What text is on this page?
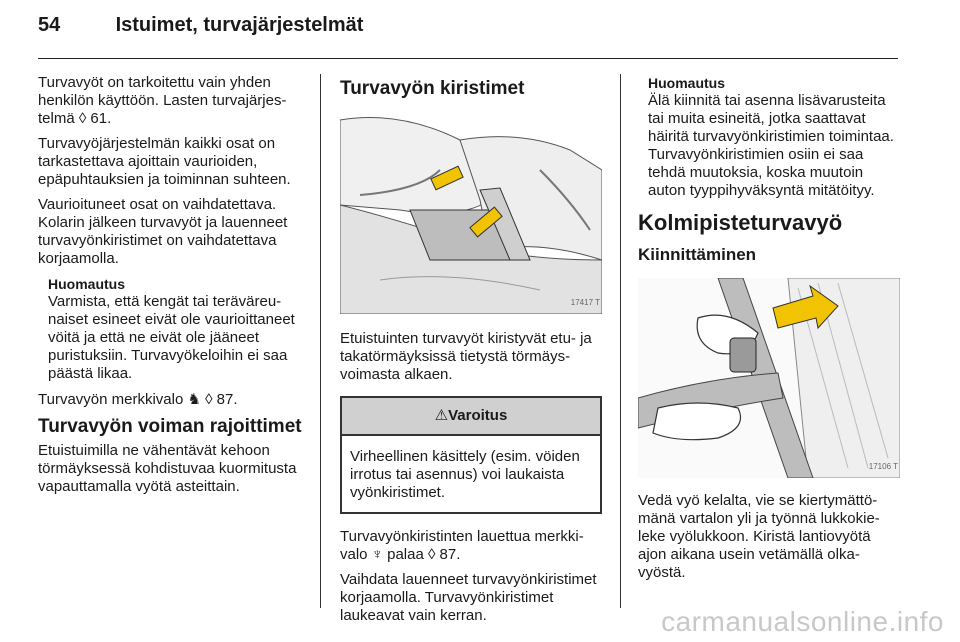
54	Istuimet, turvajärjestelmät

Turvavyöt on tarkoitettu vain yhden henkilön käyttöön. Lasten turvajärjestelmä ◊ 61.

Turvavyöjärjestelmän kaikki osat on tarkastettava ajoittain vaurioiden, epäpuhtauksien ja toiminnan suhteen.

Vaurioituneet osat on vaihdatettava. Kolarin jälkeen turvavyöt ja lauenneet turvavyönkiristimet on vaihdatettava korjaamolla.

Huomautus
Varmista, että kengät tai teräväreunaiset esineet eivät ole vaurioittaneet vöitä ja että ne eivät ole jääneet puristuksiin. Turvavyökeloihin ei saa päästä likaa.

Turvavyön merkkivalo ♞ ◊ 87.

Turvavyön voiman rajoittimet

Etuistuimilla ne vähentävät kehoon törmäyksessä kohdistuvaa kuormitusta vapauttamalla vyötä asteittain.

Turvavyön kiristimet
17417 T

Etuistuinten turvavyöt kiristyvät etu- ja takatörmäyksissä tietystä törmäysvoimasta alkaen.

⚠Varoitus
Virheellinen käsittely (esim. vöiden irrotus tai asennus) voi laukaista vyönkiristimet.

Turvavyönkiristinten lauettua merkkivalo ♆ palaa ◊ 87.

Vaihdata lauenneet turvavyönkiristimet korjaamolla. Turvavyönkiristimet laukeavat vain kerran.

Huomautus
Älä kiinnitä tai asenna lisävarusteita tai muita esineitä, jotka saattavat häiritä turvavyönkiristimien toimintaa. Turvavyönkiristimien osiin ei saa tehdä muutoksia, koska muutoin auton tyyppihyväksyntä mitätöityy.
Kolmipisteturvavyö
Kiinnittäminen
17106 T

Vedä vyö kelalta, vie se kiertymättömänä vartalon yli ja työnnä lukkokieleke vyölukkoon. Kiristä lantiovyötä ajon aikana usein vetämällä olkavyöstä.

carmanualsonline.info
